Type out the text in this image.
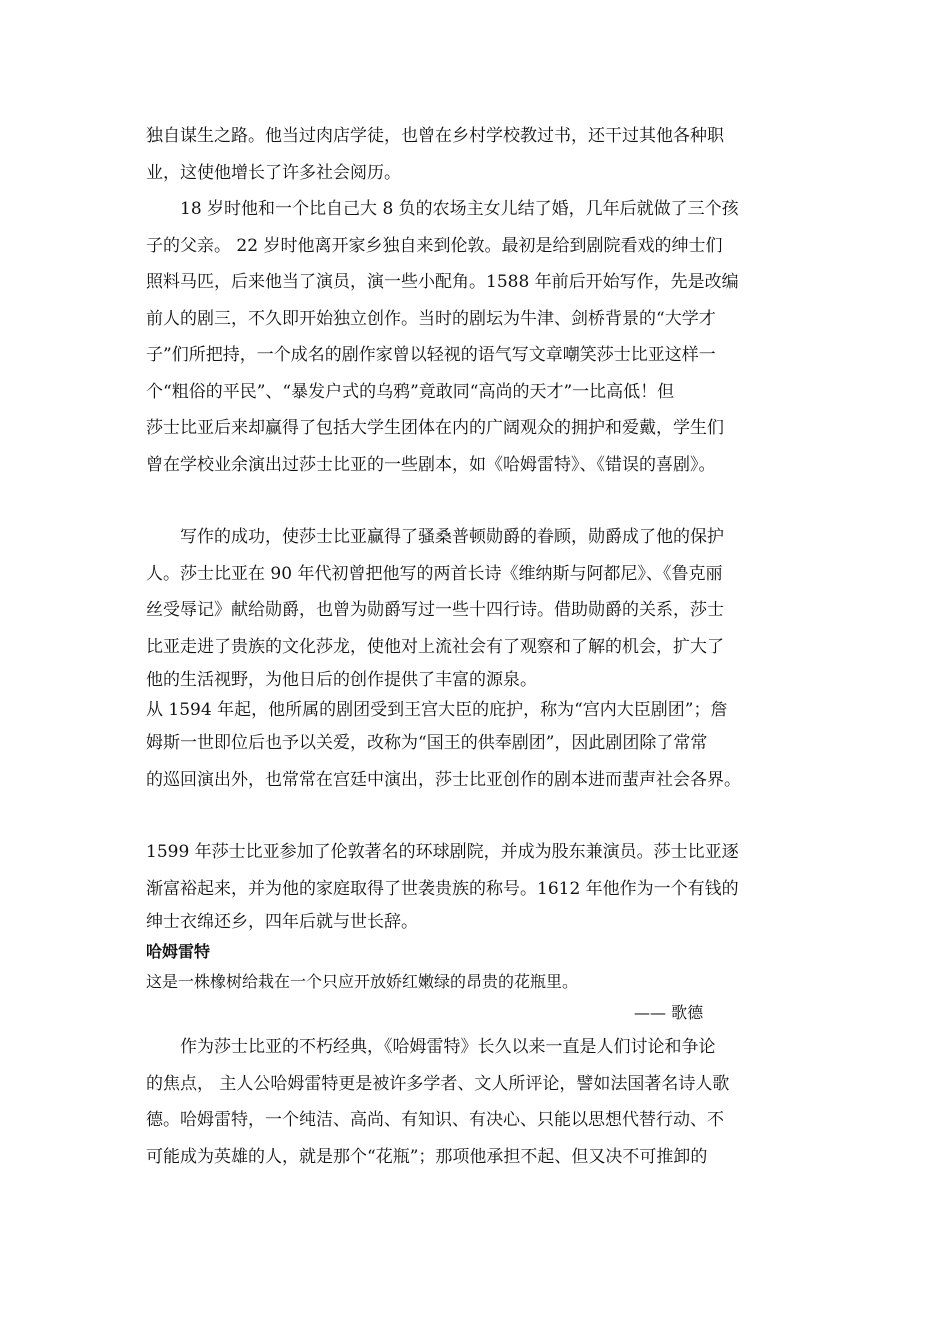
独自谋生之路。他当过肉店学徒，也曾在乡村学校教过书，还干过其他各种职
业，这使他增长了许多社会阅历。
18 岁时他和一个比自己大 8 负的农场主女儿结了婚，几年后就做了三个孩
子的父亲。 22 岁时他离开家乡独自来到伦敦。最初是给到剧院看戏的绅士们
照料马匹，后来他当了演员，演一些小配角。1588 年前后开始写作，先是改编
前人的剧三，不久即开始独立创作。当时的剧坛为牛津、剑桥背景的“大学才
子”们所把持，一个成名的剧作家曾以轻视的语气写文章嘲笑莎士比亚这样一
个“粗俗的平民”、“暴发户式的乌鸦”竟敢同“高尚的天才”一比高低！但
莎士比亚后来却赢得了包括大学生团体在内的广阔观众的拥护和爱戴，学生们
曾在学校业余演出过莎士比亚的一些剧本，如《哈姆雷特》、《错误的喜剧》。
写作的成功，使莎士比亚赢得了骚桑普顿勋爵的眷顾，勋爵成了他的保护
人。莎士比亚在 90 年代初曾把他写的两首长诗《维纳斯与阿都尼》、《鲁克丽
丝受辱记》献给勋爵，也曾为勋爵写过一些十四行诗。借助勋爵的关系，莎士
比亚走进了贵族的文化莎龙，使他对上流社会有了观察和了解的机会，扩大了
他的生活视野，为他日后的创作提供了丰富的源泉。
从 1594 年起，他所属的剧团受到王宫大臣的庇护，称为“宫内大臣剧团”；詹
姆斯一世即位后也予以关爱，改称为“国王的供奉剧团”，因此剧团除了常常
的巡回演出外，也常常在宫廷中演出，莎士比亚创作的剧本进而蜚声社会各界。
1599 年莎士比亚参加了伦敦著名的环球剧院，并成为股东兼演员。莎士比亚逐
渐富裕起来，并为他的家庭取得了世袭贵族的称号。1612 年他作为一个有钱的
绅士衣绵还乡，四年后就与世长辞。
哈姆雷特
这是一株橡树给栽在一个只应开放娇红嫩绿的昂贵的花瓶里。
—— 歌德
作为莎士比亚的不朽经典，《哈姆雷特》长久以来一直是人们讨论和争论
的焦点， 主人公哈姆雷特更是被许多学者、文人所评论，譬如法国著名诗人歌
德。哈姆雷特，一个纯洁、高尚、有知识、有决心、只能以思想代替行动、不
可能成为英雄的人，就是那个“花瓶”；那项他承担不起、但又决不可推卸的
